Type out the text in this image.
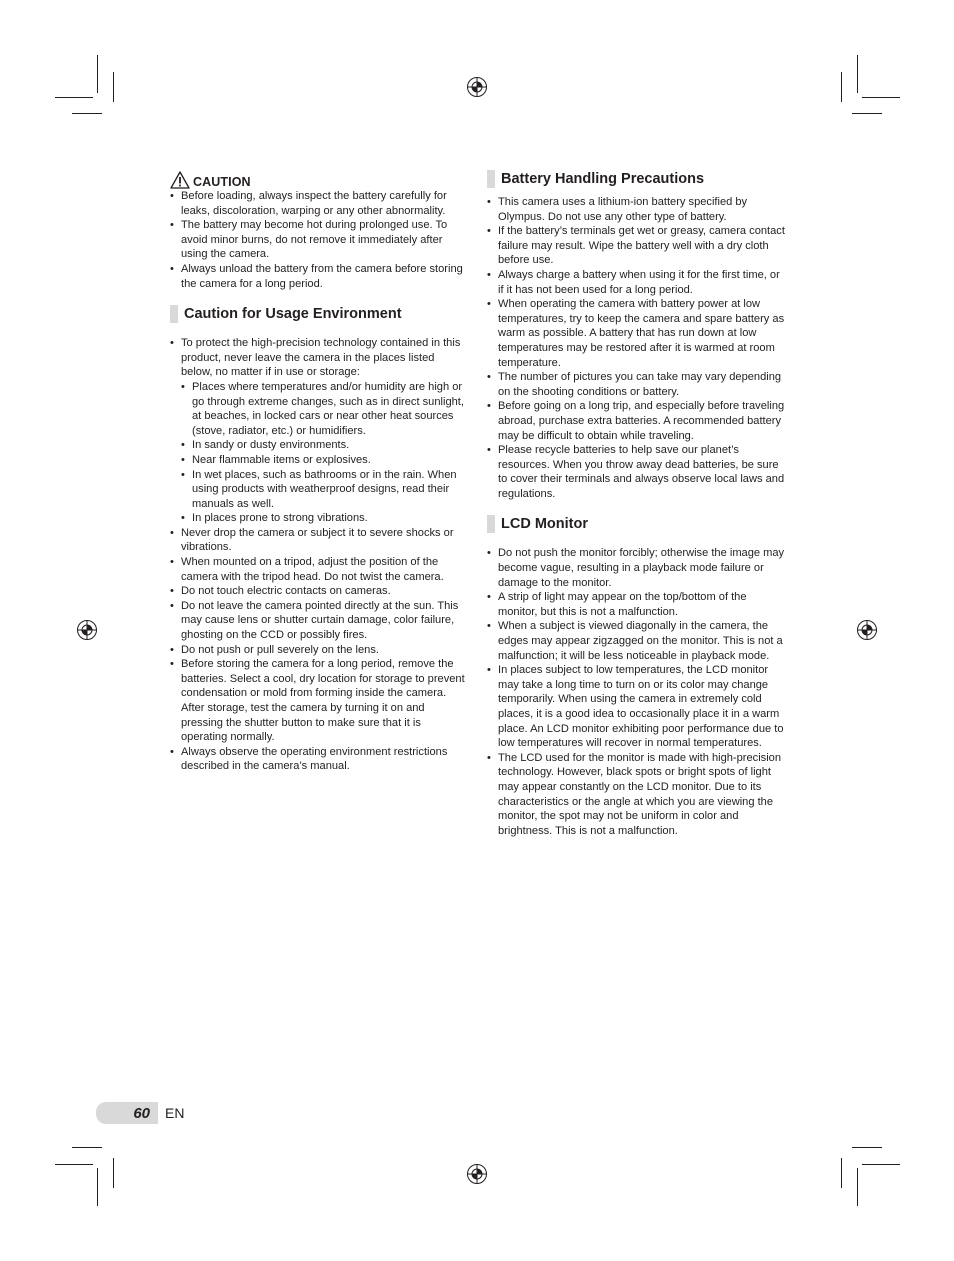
CAUTION
• Before loading, always inspect the battery carefully for leaks, discoloration, warping or any other abnormality.
• The battery may become hot during prolonged use. To avoid minor burns, do not remove it immediately after using the camera.
• Always unload the battery from the camera before storing the camera for a long period.
Caution for Usage Environment
• To protect the high-precision technology contained in this product, never leave the camera in the places listed below, no matter if in use or storage:
• Places where temperatures and/or humidity are high or go through extreme changes, such as in direct sunlight, at beaches, in locked cars or near other heat sources (stove, radiator, etc.) or humidifiers.
• In sandy or dusty environments.
• Near flammable items or explosives.
• In wet places, such as bathrooms or in the rain. When using products with weatherproof designs, read their manuals as well.
• In places prone to strong vibrations.
• Never drop the camera or subject it to severe shocks or vibrations.
• When mounted on a tripod, adjust the position of the camera with the tripod head. Do not twist the camera.
• Do not touch electric contacts on cameras.
• Do not leave the camera pointed directly at the sun. This may cause lens or shutter curtain damage, color failure, ghosting on the CCD or possibly fires.
• Do not push or pull severely on the lens.
• Before storing the camera for a long period, remove the batteries. Select a cool, dry location for storage to prevent condensation or mold from forming inside the camera. After storage, test the camera by turning it on and pressing the shutter button to make sure that it is operating normally.
• Always observe the operating environment restrictions described in the camera’s manual.
Battery Handling Precautions
• This camera uses a lithium-ion battery specified by Olympus. Do not use any other type of battery.
• If the battery’s terminals get wet or greasy, camera contact failure may result. Wipe the battery well with a dry cloth before use.
• Always charge a battery when using it for the first time, or if it has not been used for a long period.
• When operating the camera with battery power at low temperatures, try to keep the camera and spare battery as warm as possible. A battery that has run down at low temperatures may be restored after it is warmed at room temperature.
• The number of pictures you can take may vary depending on the shooting conditions or battery.
• Before going on a long trip, and especially before traveling abroad, purchase extra batteries. A recommended battery may be difficult to obtain while traveling.
• Please recycle batteries to help save our planet’s resources. When you throw away dead batteries, be sure to cover their terminals and always observe local laws and regulations.
LCD Monitor
• Do not push the monitor forcibly; otherwise the image may become vague, resulting in a playback mode failure or damage to the monitor.
• A strip of light may appear on the top/bottom of the monitor, but this is not a malfunction.
• When a subject is viewed diagonally in the camera, the edges may appear zigzagged on the monitor. This is not a malfunction; it will be less noticeable in playback mode.
• In places subject to low temperatures, the LCD monitor may take a long time to turn on or its color may change temporarily. When using the camera in extremely cold places, it is a good idea to occasionally place it in a warm place. An LCD monitor exhibiting poor performance due to low temperatures will recover in normal temperatures.
• The LCD used for the monitor is made with high-precision technology. However, black spots or bright spots of light may appear constantly on the LCD monitor. Due to its characteristics or the angle at which you are viewing the monitor, the spot may not be uniform in color and brightness. This is not a malfunction.
60	EN
